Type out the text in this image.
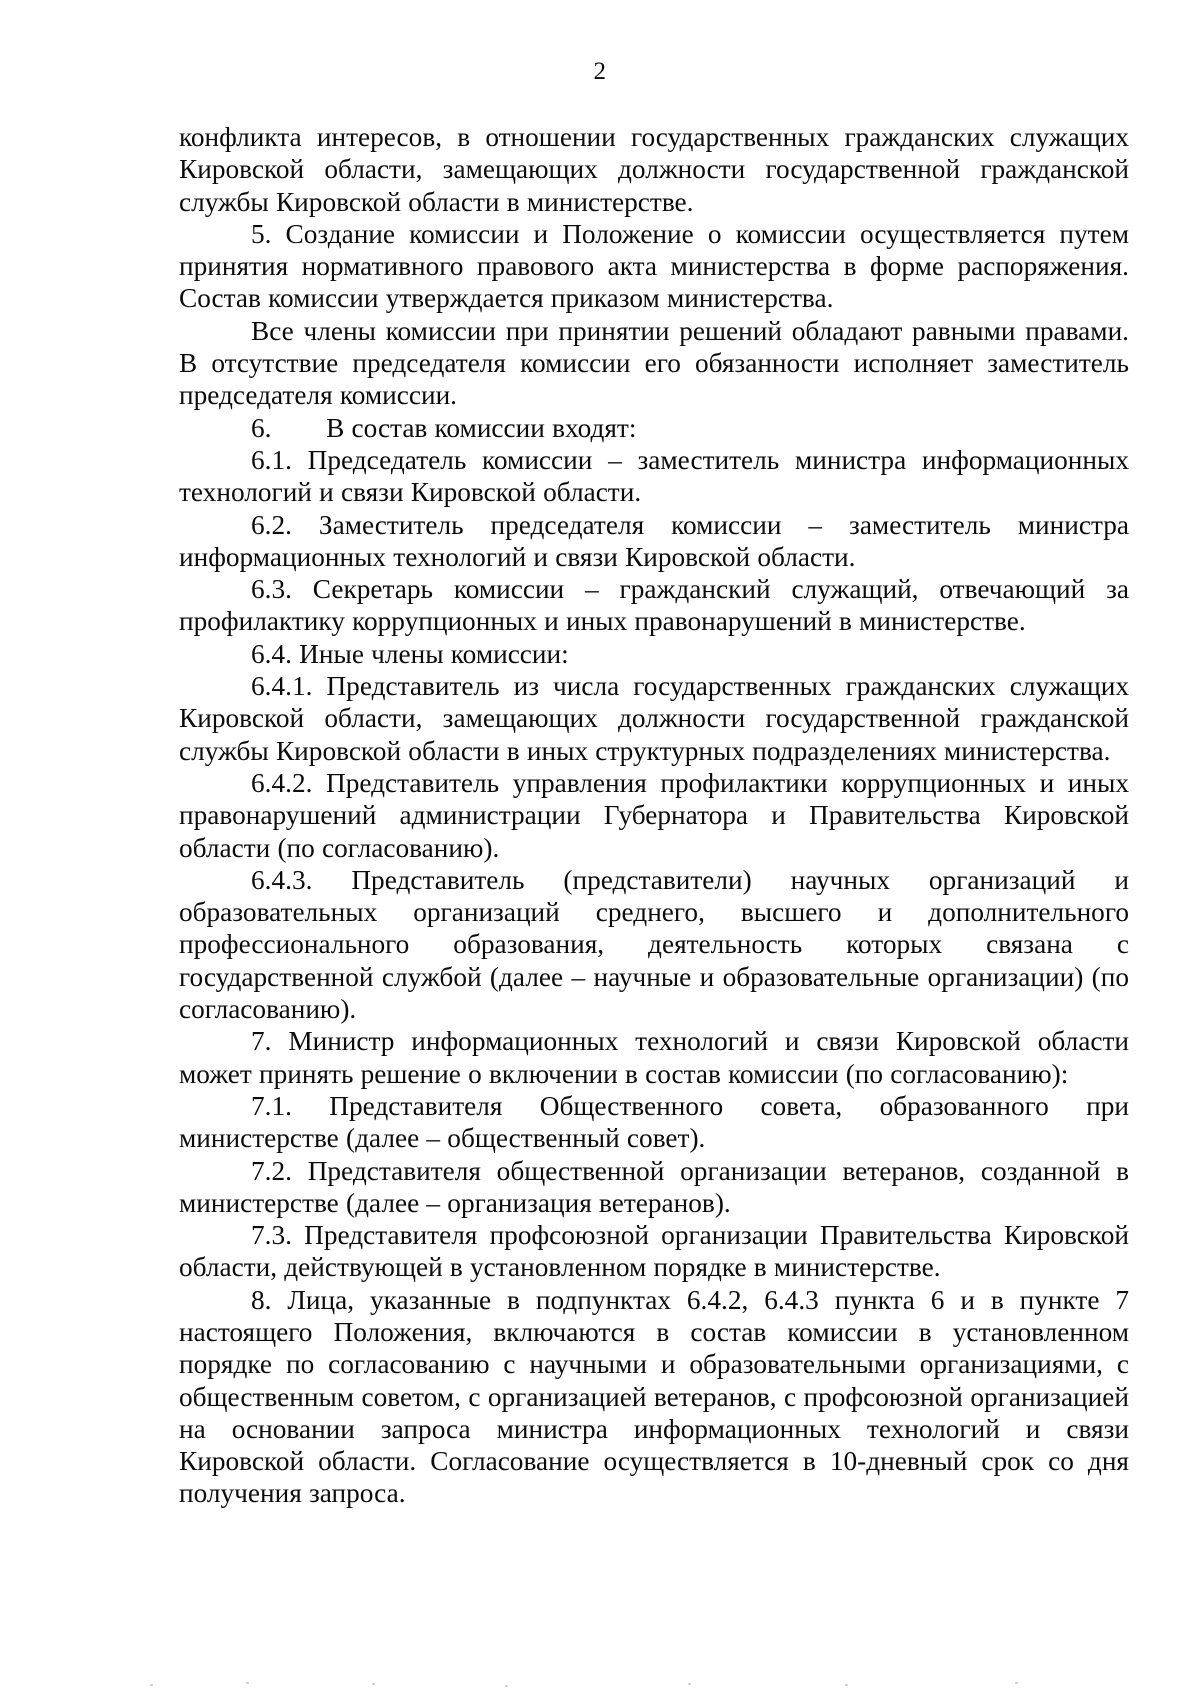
2

конфликта интересов, в отношении государственных гражданских служащих Кировской области, замещающих должности государственной гражданской службы Кировской области в министерстве.

5. Создание комиссии и Положение о комиссии осуществляется путем принятия нормативного правового акта министерства в форме распоряжения. Состав комиссии утверждается приказом министерства.

Все члены комиссии при принятии решений обладают равными правами. В отсутствие председателя комиссии его обязанности исполняет заместитель председателя комиссии.

6.  В состав комиссии входят:

6.1. Председатель комиссии – заместитель министра информационных технологий и связи Кировской области.

6.2. Заместитель председателя комиссии – заместитель министра информационных технологий и связи Кировской области.

6.3. Секретарь комиссии – гражданский служащий, отвечающий за профилактику коррупционных и иных правонарушений в министерстве.

6.4. Иные члены комиссии:

6.4.1. Представитель из числа государственных гражданских служащих Кировской области, замещающих должности государственной гражданской службы Кировской области в иных структурных подразделениях министерства.

6.4.2. Представитель управления профилактики коррупционных и иных правонарушений администрации Губернатора и Правительства Кировской области (по согласованию).

6.4.3. Представитель (представители) научных организаций и образовательных организаций среднего, высшего и дополнительного профессионального образования, деятельность которых связана с государственной службой (далее – научные и образовательные организации) (по согласованию).

7. Министр информационных технологий и связи Кировской области может принять решение о включении в состав комиссии (по согласованию):

7.1. Представителя Общественного совета, образованного при министерстве (далее – общественный совет).

7.2. Представителя общественной организации ветеранов, созданной в министерстве (далее – организация ветеранов).

7.3. Представителя профсоюзной организации Правительства Кировской области, действующей в установленном порядке в министерстве.

8. Лица, указанные в подпунктах 6.4.2, 6.4.3 пункта 6 и в пункте 7 настоящего Положения, включаются в состав комиссии в установленном порядке по согласованию с научными и образовательными организациями, с общественным советом, с организацией ветеранов, с профсоюзной организацией на основании запроса министра информационных технологий и связи Кировской области. Согласование осуществляется в 10-дневный срок со дня получения запроса.
